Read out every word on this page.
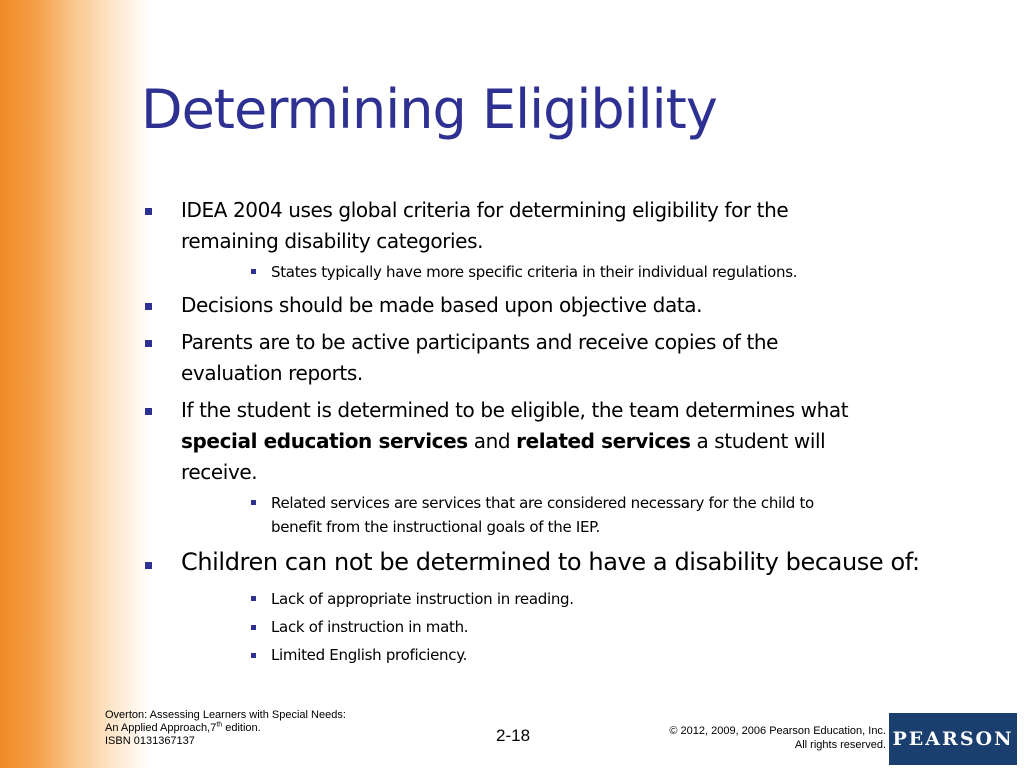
Determining Eligibility

IDEA 2004 uses global criteria for determining eligibility for the

remaining disability categories.

States typically have more specific criteria in their individual regulations.

Decisions should be made based upon objective data.

Parents are to be active participants and receive copies of the

evaluation reports.

If the student is determined to be eligible, the team determines what

special education services and related services a student will

receive.

Related services are services that are considered necessary for the child to

benefit from the instructional goals of the IEP.

Children can not be determined to have a disability because of:

Lack of appropriate instruction in reading.

Lack of instruction in math.

Limited English proficiency.

Overton: Assessing Learners with Special Needs:
An Applied Approach,7th edition.
ISBN 0131367137	2-18	© 2012, 2009, 2006 Pearson Education, Inc.
All rights reserved. PEARSON
